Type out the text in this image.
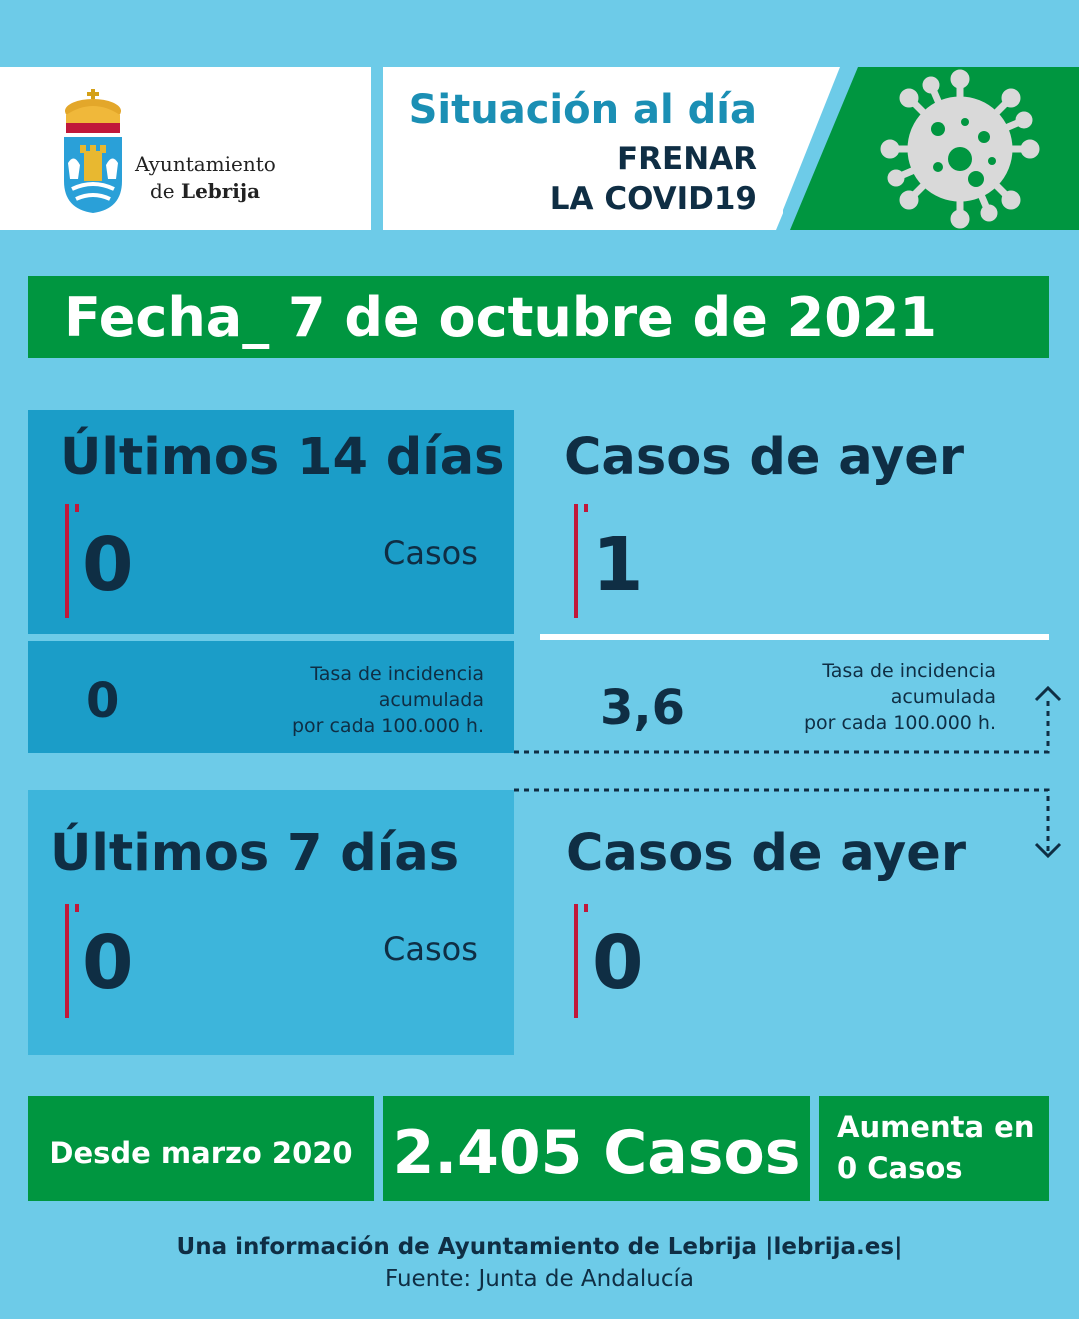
Ayuntamiento
de Lebrija
Situación al día
FRENAR
LA COVID19
Fecha_ 7 de octubre de 2021
Últimos 14 días
0	Casos
0	Tasa de incidencia
acumulada
por cada 100.000 h.
Casos de ayer
1
3,6
Tasa de incidencia
acumulada
por cada 100.000 h.
Últimos 7 días
0	Casos
Casos de ayer
0
Desde marzo 2020 2.405 Casos	Aumenta en
0 Casos
Una información de Ayuntamiento de Lebrija |lebrija.es|
Fuente: Junta de Andalucía
